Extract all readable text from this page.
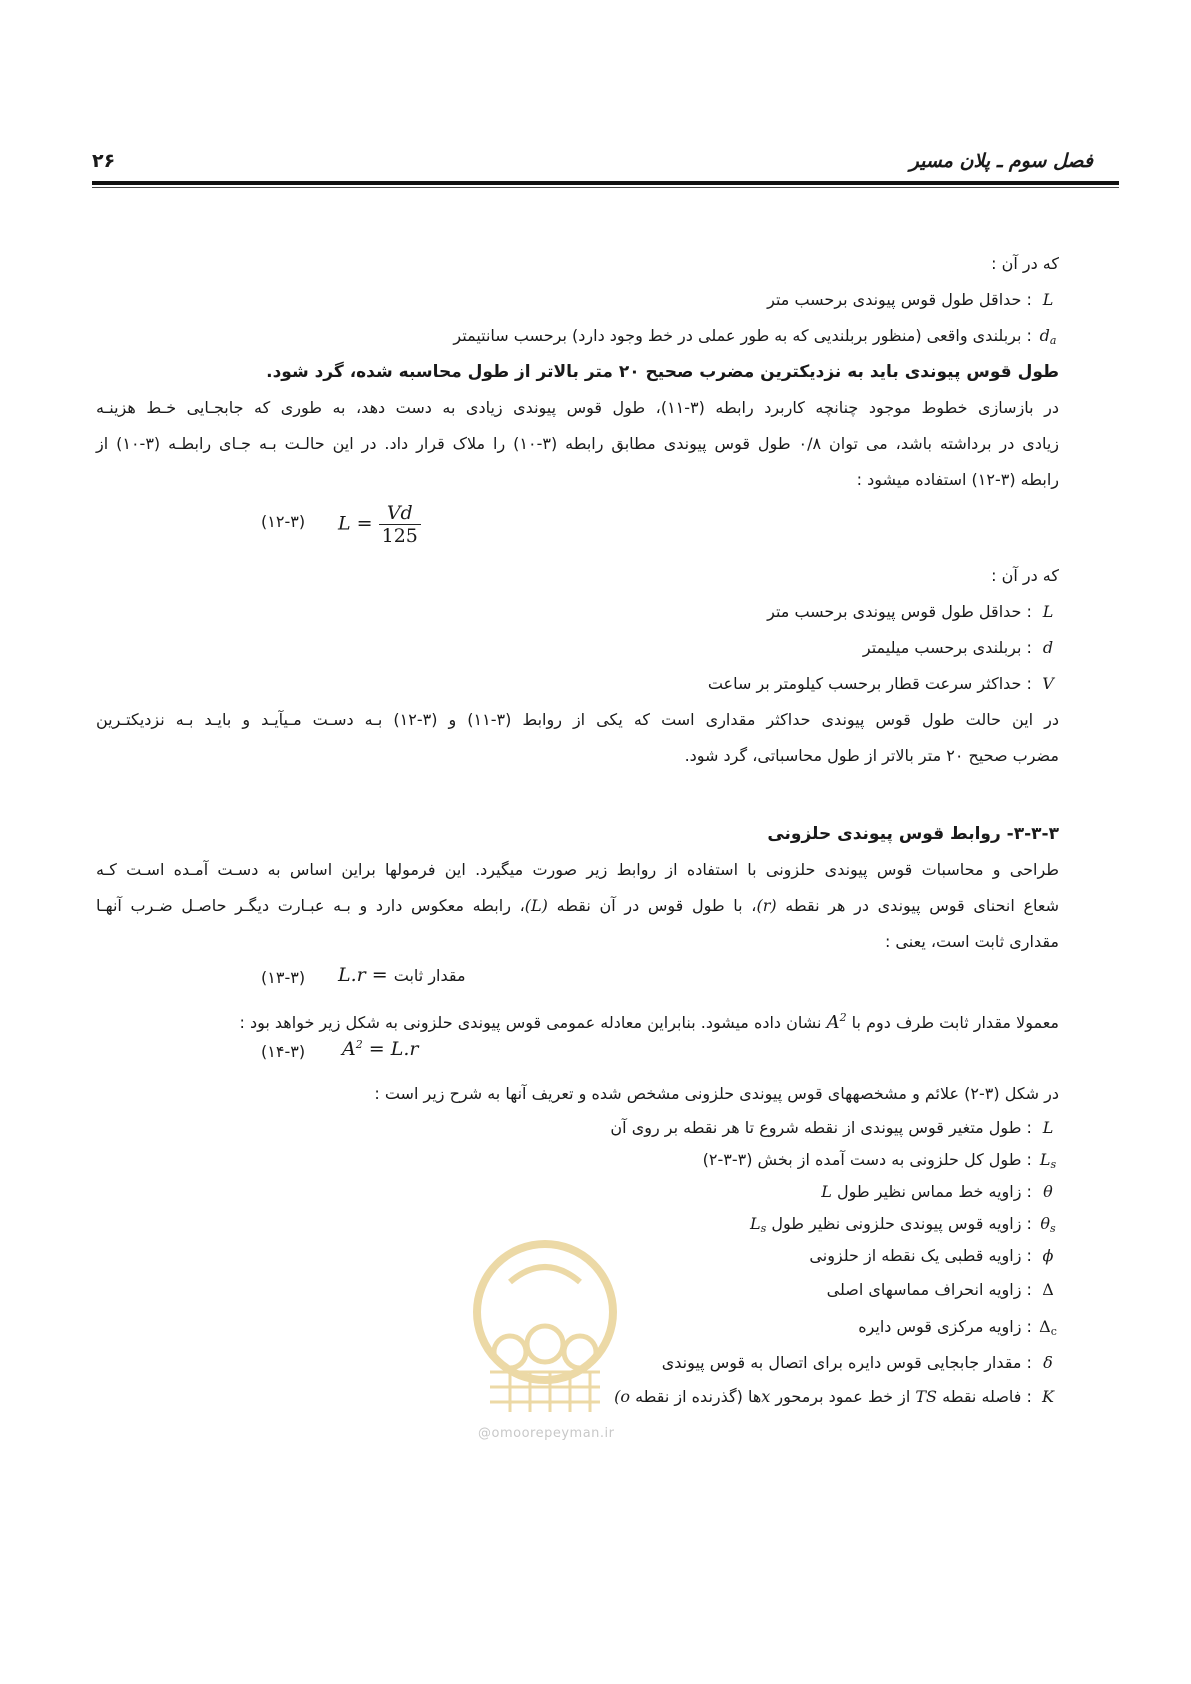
فصل سوم ـ پلان مسیر
۲۶
که در آن :
L : حداقل طول قوس پیوندی برحسب متر
$d_a$ : بربلندی واقعی (منظور بربلندیی که به طور عملی در خط وجود دارد) برحسب سانتیمتر
طول قوس پیوندی باید به نزدیکترین مضرب صحیح ۲۰ متر بالاتر از طول محاسبه شده، گرد شود.
در بازسازی خطوط موجود چنانچه کاربرد رابطه (۳-۱۱)، طول قوس پیوندی زیادی به دست دهد، به طوری که جابجـایی خـط هزینـه
زیادی در برداشته باشد، می توان ۰/۸ طول قوس پیوندی مطابق رابطه (۳-۱۰) را ملاک قرار داد. در این حالـت بـه جـای رابطـه (۳-۱۰) از
رابطه (۳-۱۲) استفاده میشود :
$L = \frac{Vd}{125}$
(۱۲-۳)
که در آن :
L : حداقل طول قوس پیوندی برحسب متر
d : بربلندی برحسب میلیمتر
V : حداکثر سرعت قطار برحسب کیلومتر بر ساعت
در این حالت طول قوس پیوندی حداکثر مقداری است که یکی از روابط (۳-۱۱) و (۳-۱۲) بـه دسـت مـیآیـد و بایـد بـه نزدیکتـرین
مضرب صحیح ۲۰ متر بالاتر از طول محاسباتی، گرد شود.
۳-۳-۳- روابط قوس پیوندی حلزونی
طراحی و محاسبات قوس پیوندی حلزونی با استفاده از روابط زیر صورت میگیرد. این فرمولها براین اساس به دسـت آمـده اسـت کـه
شعاع انحنای قوس پیوندی در هر نقطه (r)، با طول قوس در آن نقطه (L)، رابطه معکوس دارد و بـه عبـارت دیگـر حاصـل ضـرب آنهـا
مقداری ثابت است، یعنی :
L.r = مقدار ثابت
(۱۳-۳)
معمولا مقدار ثابت طرف دوم با $A^2$ نشان داده میشود. بنابراین معادله عمومی قوس پیوندی حلزونی به شکل زیر خواهد بود :
$A^2 = L.r$
(۱۴-۳)
در شکل (۳-۲) علائم و مشخصههای قوس پیوندی حلزونی مشخص شده و تعریف آنها به شرح زیر است :
L : طول متغیر قوس پیوندی از نقطه شروع تا هر نقطه بر روی آن
$L_s$ : طول کل حلزونی به دست آمده از بخش (۳-۳-۲)
θ : زاویه خط مماس نظیر طول L
$\theta_s$ : زاویه قوس پیوندی حلزونی نظیر طول $L_s$
ϕ : زاویه قطبی یک نقطه از حلزونی
Δ : زاویه انحراف مماسهای اصلی
$\Delta_c$ : زاویه مرکزی قوس دایره
δ : مقدار جابجایی قوس دایره برای اتصال به قوس پیوندی
K : فاصله نقطه TS از خط عمود برمحور xها (گذرنده از نقطه o)
@omoorepeyman.ir
